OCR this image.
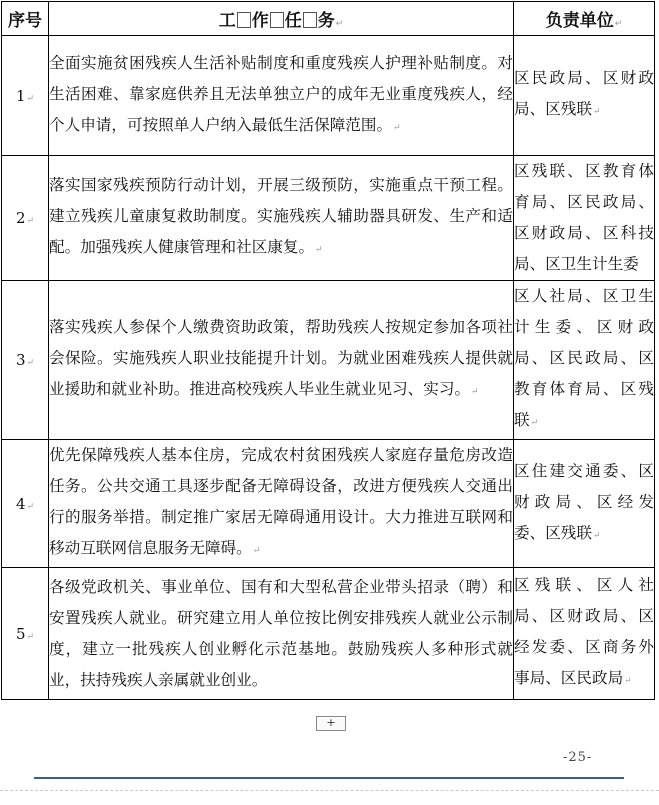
序号	工 作 任 务↵	负责单位↵
1↵	全面实施贫困残疾人生活补贴制度和重度残疾人护理补贴制度。对生活困难、靠家庭供养且无法单独立户的成年无业重度残疾人，经个人申请，可按照单人户纳入最低生活保障范围。↵	区民政局、区财政局、区残联↵
2↵	落实国家残疾预防行动计划，开展三级预防，实施重点干预工程。建立残疾儿童康复救助制度。实施残疾人辅助器具研发、生产和适配。加强残疾人健康管理和社区康复。↵	区残联、区教育体育局、区民政局、区财政局、区科技局、区卫生计生委
3↵	落实残疾人参保个人缴费资助政策，帮助残疾人按规定参加各项社会保险。实施残疾人职业技能提升计划。为就业困难残疾人提供就业援助和就业补助。推进高校残疾人毕业生就业见习、实习。↵	区人社局、区卫生计生委、区财政局、区民政局、区教育体育局、区残联↵
4↵	优先保障残疾人基本住房，完成农村贫困残疾人家庭存量危房改造任务。公共交通工具逐步配备无障碍设备，改进方便残疾人交通出行的服务举措。制定推广家居无障碍通用设计。大力推进互联网和移动互联网信息服务无障碍。↵	区住建交通委、区财政局、区经发委、区残联↵
5↵	各级党政机关、事业单位、国有和大型私营企业带头招录（聘）和安置残疾人就业。研究建立用人单位按比例安排残疾人就业公示制度，建立一批残疾人创业孵化示范基地。鼓励残疾人多种形式就业，扶持残疾人亲属就业创业。	区残联、区人社局、区财政局、区经发委、区商务外事局、区民政局↵
+
-25-
